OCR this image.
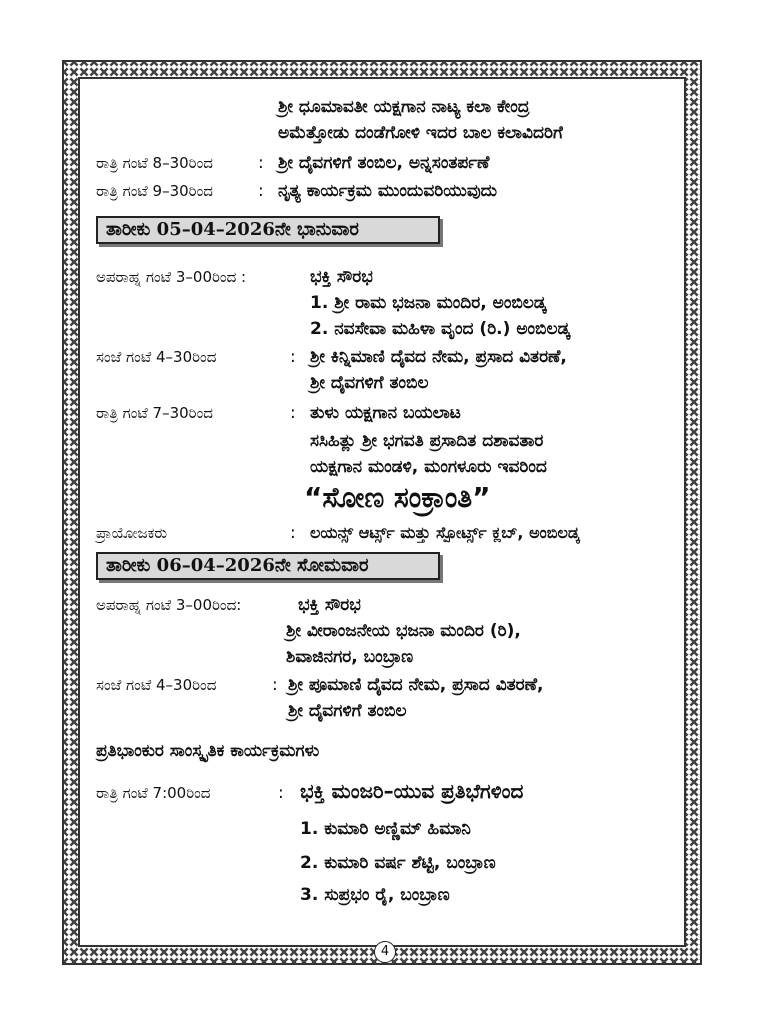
ಶ್ರೀ ಧೂಮಾವತೀ ಯಕ್ಷಗಾನ ನಾಟ್ಯ ಕಲಾ ಕೇಂದ್ರ
ಅಮೆತ್ತೋಡು ದಂಡೆಗೋಳಿ ಇದರ ಬಾಲ ಕಲಾವಿದರಿಗೆ
ರಾತ್ರಿ ಗಂಟೆ 8–30ರಿಂದ	: ಶ್ರೀ ದೈವಗಳಿಗೆ ತಂಬಿಲ, ಅನ್ನಸಂತರ್ಪಣೆ
ರಾತ್ರಿ ಗಂಟೆ 9–30ರಿಂದ	: ನೃತ್ಯ ಕಾರ್ಯಕ್ರಮ ಮುಂದುವರಿಯುವುದು
ತಾರೀಕು 05–04–2026ನೇ ಭಾನುವಾರ
ಅಪರಾಹ್ನ ಗಂಟೆ 3–00ರಿಂದ :	ಭಕ್ತಿ ಸೌರಭ
1. ಶ್ರೀ ರಾಮ ಭಜನಾ ಮಂದಿರ, ಅಂಬಿಲಡ್ಕ
2. ನವಸೇವಾ ಮಹಿಳಾ ವೃಂದ (ರಿ.) ಅಂಬಿಲಡ್ಕ
ಸಂಜೆ ಗಂಟೆ 4–30ರಿಂದ	: ಶ್ರೀ ಕಿನ್ನಿಮಾಣಿ ದೈವದ ನೇಮ, ಪ್ರಸಾದ ವಿತರಣೆ,
ಶ್ರೀ ದೈವಗಳಿಗೆ ತಂಬಿಲ
ರಾತ್ರಿ ಗಂಟೆ 7–30ರಿಂದ	: ತುಳು ಯಕ್ಷಗಾನ ಬಯಲಾಟ
ಸಸಿಹಿತ್ಲು ಶ್ರೀ ಭಗವತಿ ಪ್ರಸಾದಿತ ದಶಾವತಾರ
ಯಕ್ಷಗಾನ ಮಂಡಳಿ, ಮಂಗಳೂರು ಇವರಿಂದ
“ಸೋಣ ಸಂಕ್ರಾಂತಿ”
ಪ್ರಾಯೋಜಕರು	: ಲಯನ್ಸ್ ಆರ್ಟ್ಸ್ ಮತ್ತು ಸ್ಪೋರ್ಟ್ಸ್ ಕ್ಲಬ್, ಅಂಬಿಲಡ್ಕ
ತಾರೀಕು 06–04–2026ನೇ ಸೋಮವಾರ
ಅಪರಾಹ್ನ ಗಂಟೆ 3–00ರಿಂದ:	ಭಕ್ತಿ ಸೌರಭ
ಶ್ರೀ ವೀರಾಂಜನೇಯ ಭಜನಾ ಮಂದಿರ (ರಿ),
ಶಿವಾಜಿನಗರ, ಬಂಬ್ರಾಣ
ಸಂಜೆ ಗಂಟೆ 4–30ರಿಂದ	: ಶ್ರೀ ಪೂಮಾಣಿ ದೈವದ ನೇಮ, ಪ್ರಸಾದ ವಿತರಣೆ,
ಶ್ರೀ ದೈವಗಳಿಗೆ ತಂಬಿಲ
ಪ್ರತಿಭಾಂಕುರ ಸಾಂಸ್ಕೃತಿಕ ಕಾರ್ಯಕ್ರಮಗಳು
ರಾತ್ರಿ ಗಂಟೆ 7:00ರಿಂದ	: ಭಕ್ತಿ ಮಂಜರಿ–ಯುವ ಪ್ರತಿಭೆಗಳಿಂದ
1. ಕುಮಾರಿ ಅಣ್ಣಿಮ್ ಹಿಮಾನಿ
2. ಕುಮಾರಿ ವರ್ಷ ಶೆಟ್ಟಿ, ಬಂಬ್ರಾಣ
3. ಸುಪ್ರಭಂ ರೈ, ಬಂಬ್ರಾಣ
4
